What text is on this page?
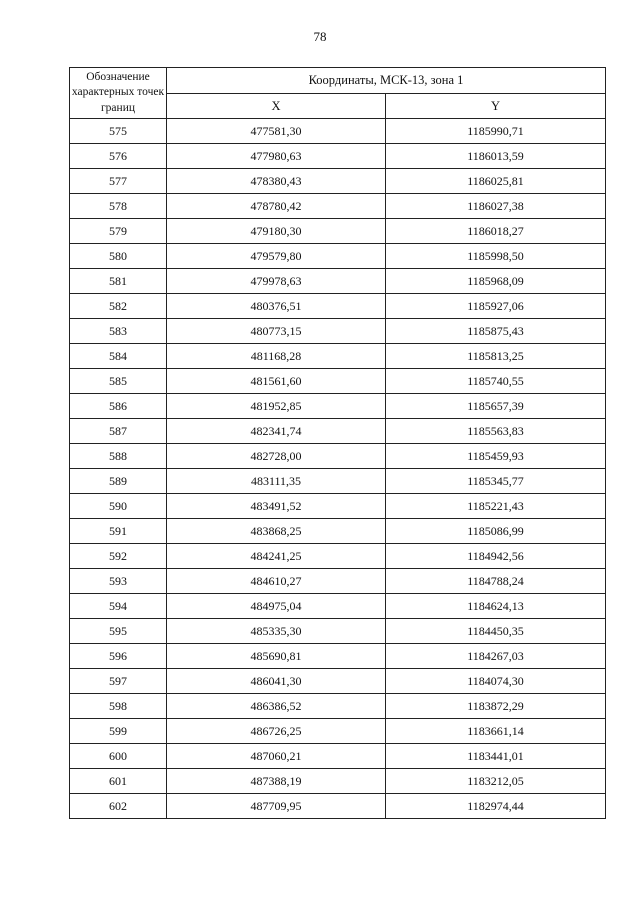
78
Обозначение характерных точек границ	Координаты, МСК-13, зона 1	
	X	Y
575	477581,30	1185990,71
576	477980,63	1186013,59
577	478380,43	1186025,81
578	478780,42	1186027,38
579	479180,30	1186018,27
580	479579,80	1185998,50
581	479978,63	1185968,09
582	480376,51	1185927,06
583	480773,15	1185875,43
584	481168,28	1185813,25
585	481561,60	1185740,55
586	481952,85	1185657,39
587	482341,74	1185563,83
588	482728,00	1185459,93
589	483111,35	1185345,77
590	483491,52	1185221,43
591	483868,25	1185086,99
592	484241,25	1184942,56
593	484610,27	1184788,24
594	484975,04	1184624,13
595	485335,30	1184450,35
596	485690,81	1184267,03
597	486041,30	1184074,30
598	486386,52	1183872,29
599	486726,25	1183661,14
600	487060,21	1183441,01
601	487388,19	1183212,05
602	487709,95	1182974,44
